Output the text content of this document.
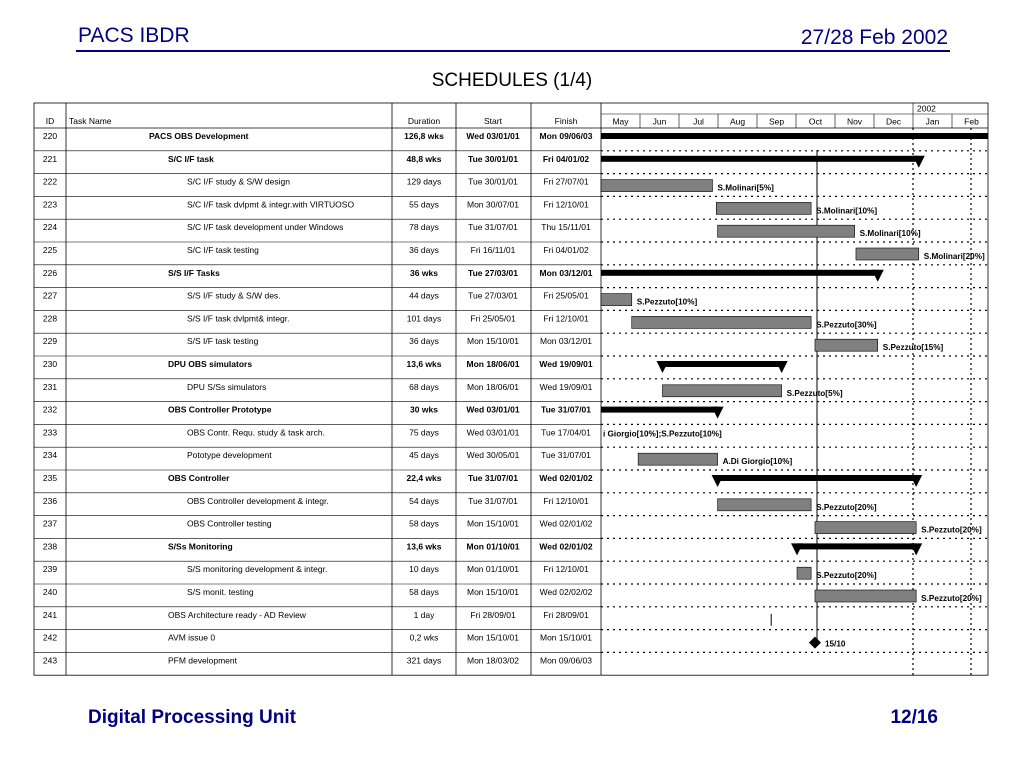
PACS IBDR	27/28 Feb 2002
SCHEDULES (1/4)
ID Task Name	Duration	Start	Finish
2002
May	Jun	Jul	Aug	Sep	Oct	Nov	Dec	Jan	Feb
220	PACS OBS Development	126,8 wks	Wed 03/01/01 Mon 09/06/03
221	S/C I/F task	48,8 wks	Tue 30/01/01	Fri 04/01/02
222	S/C I/F study & S/W design	129 days	Tue 30/01/01	Fri 27/07/01
S.Molinari[5%]
223	S/C I/F task dvlpmt & integr.with VIRTUOSO	55 days	Mon 30/07/01	Fri 12/10/01
S.Molinari[10%]
224	S/C I/F task development under Windows	78 days	Tue 31/07/01	Thu 15/11/01
S.Molinari[10%]
225	S/C I/F task testing	36 days	Fri 16/11/01	Fri 04/01/02
S.Molinari[20%]
226	S/S I/F Tasks	36 wks	Tue 27/03/01	Mon 03/12/01
227	S/S I/F study & S/W des.	44 days	Tue 27/03/01	Fri 25/05/01
S.Pezzuto[10%]
228	S/S I/F task dvlpmt& integr.	101 days	Fri 25/05/01	Fri 12/10/01
S.Pezzuto[30%]
229	S/S I/F task testing	36 days	Mon 15/10/01 Mon 03/12/01
S.Pezzuto[15%]
230	DPU OBS simulators	13,6 wks	Mon 18/06/01 Wed 19/09/01
231	DPU S/Ss simulators	68 days	Mon 18/06/01 Wed 19/09/01
S.Pezzuto[5%]
232	OBS Controller Prototype	30 wks	Wed 03/01/01	Tue 31/07/01
233	OBS Contr. Requ. study & task arch.	75 days	Wed 03/01/01	Tue 17/04/01 i Giorgio[10%];S.Pezzuto[10%]
234	Pototype development	45 days	Wed 30/05/01	Tue 31/07/01
A.Di Giorgio[10%]
235	OBS Controller	22,4 wks	Tue 31/07/01	Wed 02/01/02
236	OBS Controller development & integr.	54 days	Tue 31/07/01	Fri 12/10/01
S.Pezzuto[20%]
237	OBS Controller testing	58 days	Mon 15/10/01 Wed 02/01/02
S.Pezzuto[20%]
238	S/Ss Monitoring	13,6 wks	Mon 01/10/01 Wed 02/01/02
239	S/S monitoring development & integr.	10 days	Mon 01/10/01	Fri 12/10/01
S.Pezzuto[20%]
240	S/S monit. testing	58 days	Mon 15/10/01 Wed 02/02/02
S.Pezzuto[20%]
241	OBS Architecture ready - AD Review	1 day	Fri 28/09/01	Fri 28/09/01
242	AVM issue 0	0,2 wks	Mon 15/10/01 Mon 15/10/01
15/10
243	PFM development	321 days	Mon 18/03/02 Mon 09/06/03
Digital Processing Unit	12/16
